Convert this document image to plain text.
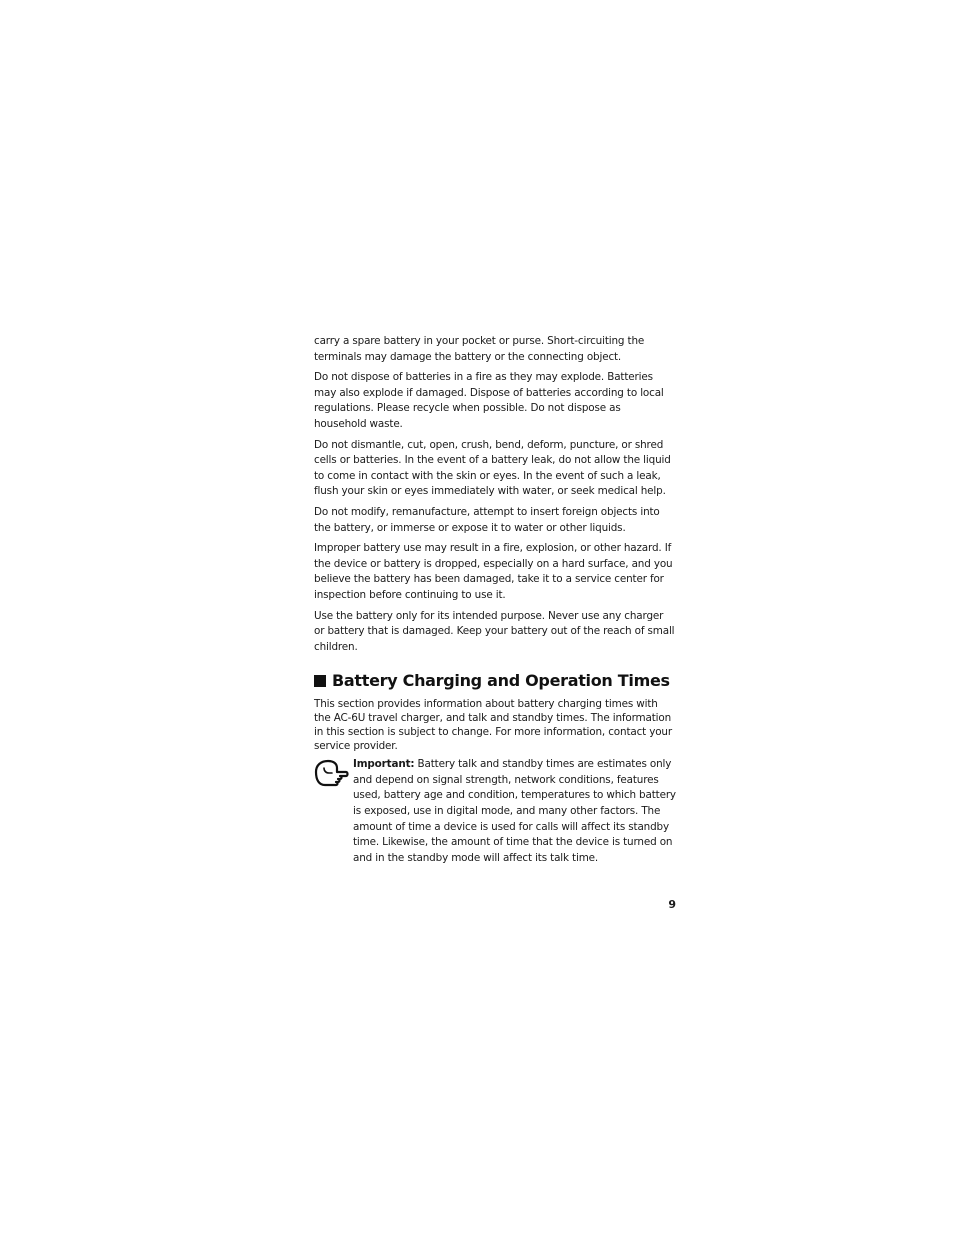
carry a spare battery in your pocket or purse. Short-circuiting the terminals may damage the battery or the connecting object.

Do not dispose of batteries in a fire as they may explode. Batteries may also explode if damaged. Dispose of batteries according to local regulations. Please recycle when possible. Do not dispose as household waste.

Do not dismantle, cut, open, crush, bend, deform, puncture, or shred cells or batteries. In the event of a battery leak, do not allow the liquid to come in contact with the skin or eyes. In the event of such a leak, flush your skin or eyes immediately with water, or seek medical help.

Do not modify, remanufacture, attempt to insert foreign objects into the battery, or immerse or expose it to water or other liquids.

Improper battery use may result in a fire, explosion, or other hazard. If the device or battery is dropped, especially on a hard surface, and you believe the battery has been damaged, take it to a service center for inspection before continuing to use it.

Use the battery only for its intended purpose. Never use any charger or battery that is damaged. Keep your battery out of the reach of small children.

Battery Charging and Operation Times

This section provides information about battery charging times with the AC-6U travel charger, and talk and standby times. The information in this section is subject to change. For more information, contact your service provider.

Important: Battery talk and standby times are estimates only and depend on signal strength, network conditions, features used, battery age and condition, temperatures to which battery is exposed, use in digital mode, and many other factors. The amount of time a device is used for calls will affect its standby time. Likewise, the amount of time that the device is turned on and in the standby mode will affect its talk time.

9
